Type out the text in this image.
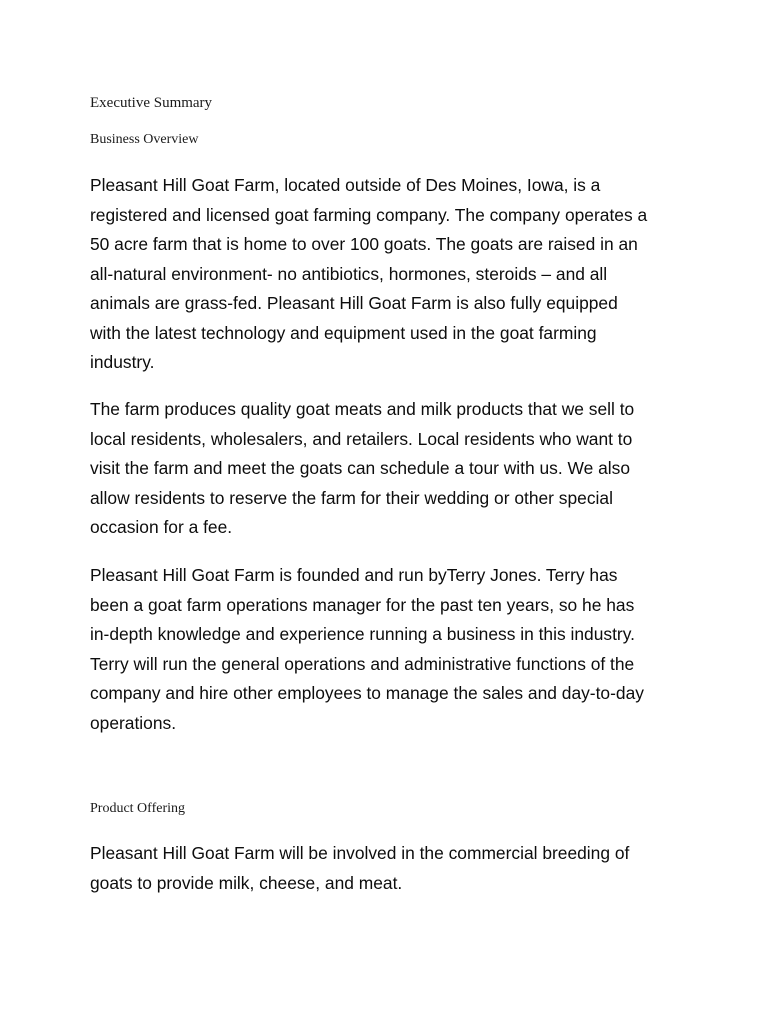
Executive Summary
Business Overview
Pleasant Hill Goat Farm, located outside of Des Moines, Iowa, is a
registered and licensed goat farming company. The company operates a
50 acre farm that is home to over 100 goats. The goats are raised in an
all-natural environment- no antibiotics, hormones, steroids – and all
animals are grass-fed. Pleasant Hill Goat Farm is also fully equipped
with the latest technology and equipment used in the goat farming
industry.
The farm produces quality goat meats and milk products that we sell to
local residents, wholesalers, and retailers. Local residents who want to
visit the farm and meet the goats can schedule a tour with us. We also
allow residents to reserve the farm for their wedding or other special
occasion for a fee.
Pleasant Hill Goat Farm is founded and run byTerry Jones. Terry has
been a goat farm operations manager for the past ten years, so he has
in-depth knowledge and experience running a business in this industry.
Terry will run the general operations and administrative functions of the
company and hire other employees to manage the sales and day-to-day
operations.
Product Offering
Pleasant Hill Goat Farm will be involved in the commercial breeding of
goats to provide milk, cheese, and meat.
